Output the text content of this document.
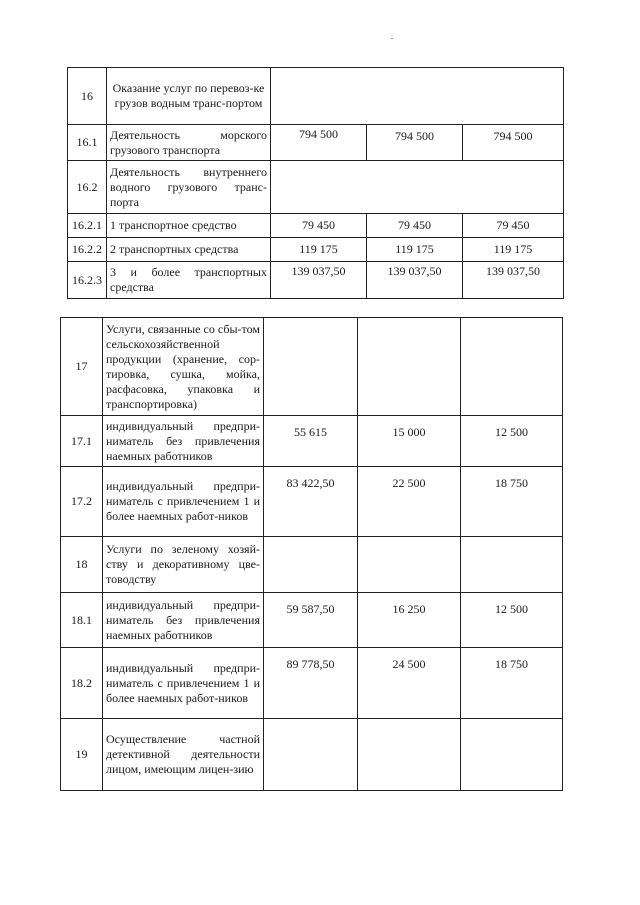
16	Оказание услуг по перевоз-ке грузов водным транс-портом			

16.1	Деятельность морского грузового транспорта	794 500	794 500	794 500
16.2	Деятельность внутреннего водного грузового транс-порта			

16.2.1	1 транспортное средство	79 450	79 450	79 450
16.2.2	2 транспортных средства	119 175	119 175	119 175
16.2.3	3 и более транспортных средства	139 037,50	139 037,50	139 037,50
17	Услуги, связанные со сбы-том сельскохозяйственной продукции (хранение, сор-тировка, сушка, мойка, расфасовка, упаковка и транспортировка)			

17.1	индивидуальный предпри-ниматель без привлечения наемных работников	55 615	15 000	12 500
17.2	индивидуальный предпри-ниматель с привлечением 1 и более наемных работ-ников	83 422,50	22 500	18 750
18	Услуги по зеленому хозяй-ству и декоративному цве-товодству			

18.1	индивидуальный предпри-ниматель без привлечения наемных работников	59 587,50	16 250	12 500
18.2	индивидуальный предпри-ниматель с привлечением 1 и более наемных работ-ников	89 778,50	24 500	18 750
19	Осуществление частной детективной деятельности лицом, имеющим лицен-зию			
